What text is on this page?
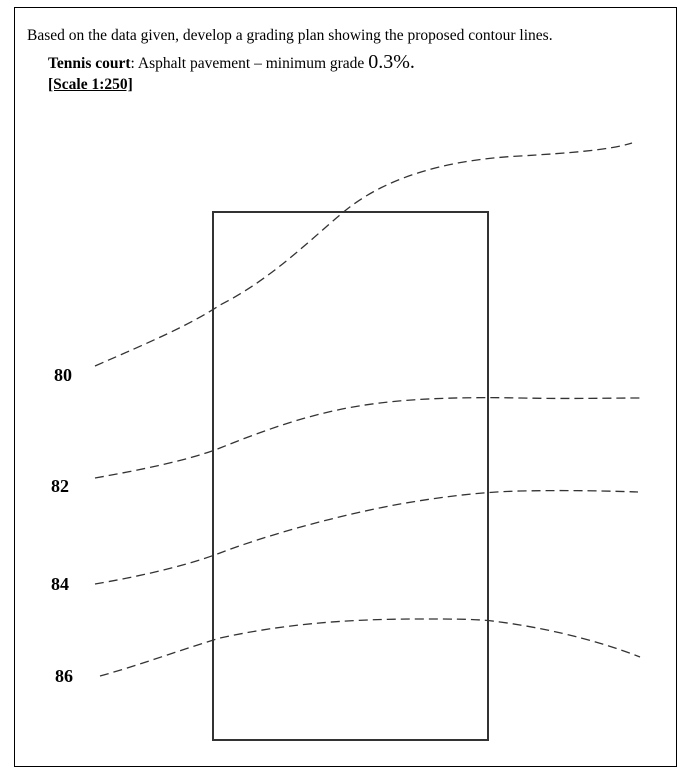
Based on the data given, develop a grading plan showing the proposed contour lines.
Tennis court: Asphalt pavement – minimum grade 0.3%.
[Scale 1:250]
80
82
84
86
